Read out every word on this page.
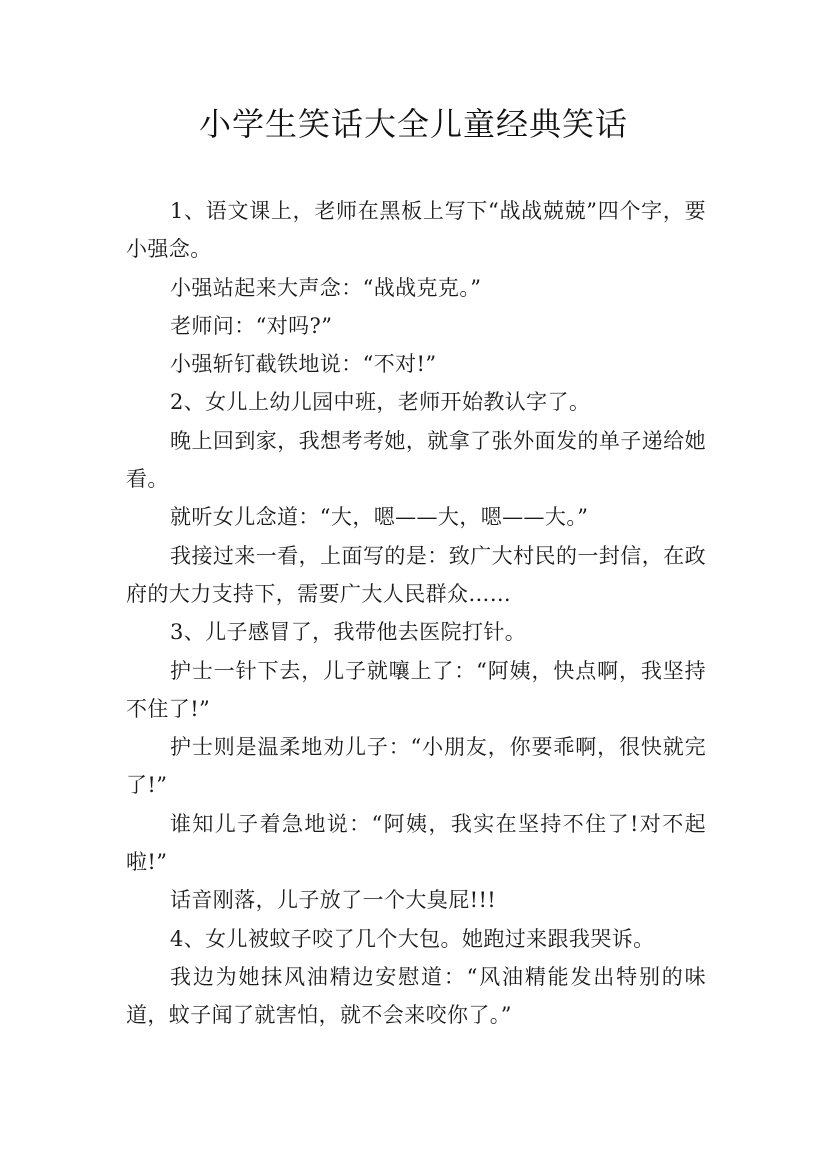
小学生笑话大全儿童经典笑话

1、语文课上，老师在黑板上写下“战战兢兢”四个字，要小强念。

小强站起来大声念：“战战克克。”

老师问：“对吗?”

小强斩钉截铁地说：“不对!”

2、女儿上幼儿园中班，老师开始教认字了。

晚上回到家，我想考考她，就拿了张外面发的单子递给她看。

就听女儿念道：“大，嗯——大，嗯——大。”

我接过来一看，上面写的是：致广大村民的一封信，在政府的大力支持下，需要广大人民群众……

3、儿子感冒了，我带他去医院打针。

护士一针下去，儿子就嚷上了：“阿姨，快点啊，我坚持不住了!”

护士则是温柔地劝儿子：“小朋友，你要乖啊，很快就完了!”

谁知儿子着急地说：“阿姨，我实在坚持不住了!对不起啦!”

话音刚落，儿子放了一个大臭屁!!!

4、女儿被蚊子咬了几个大包。她跑过来跟我哭诉。

我边为她抹风油精边安慰道：“风油精能发出特别的味道，蚊子闻了就害怕，就不会来咬你了。”
